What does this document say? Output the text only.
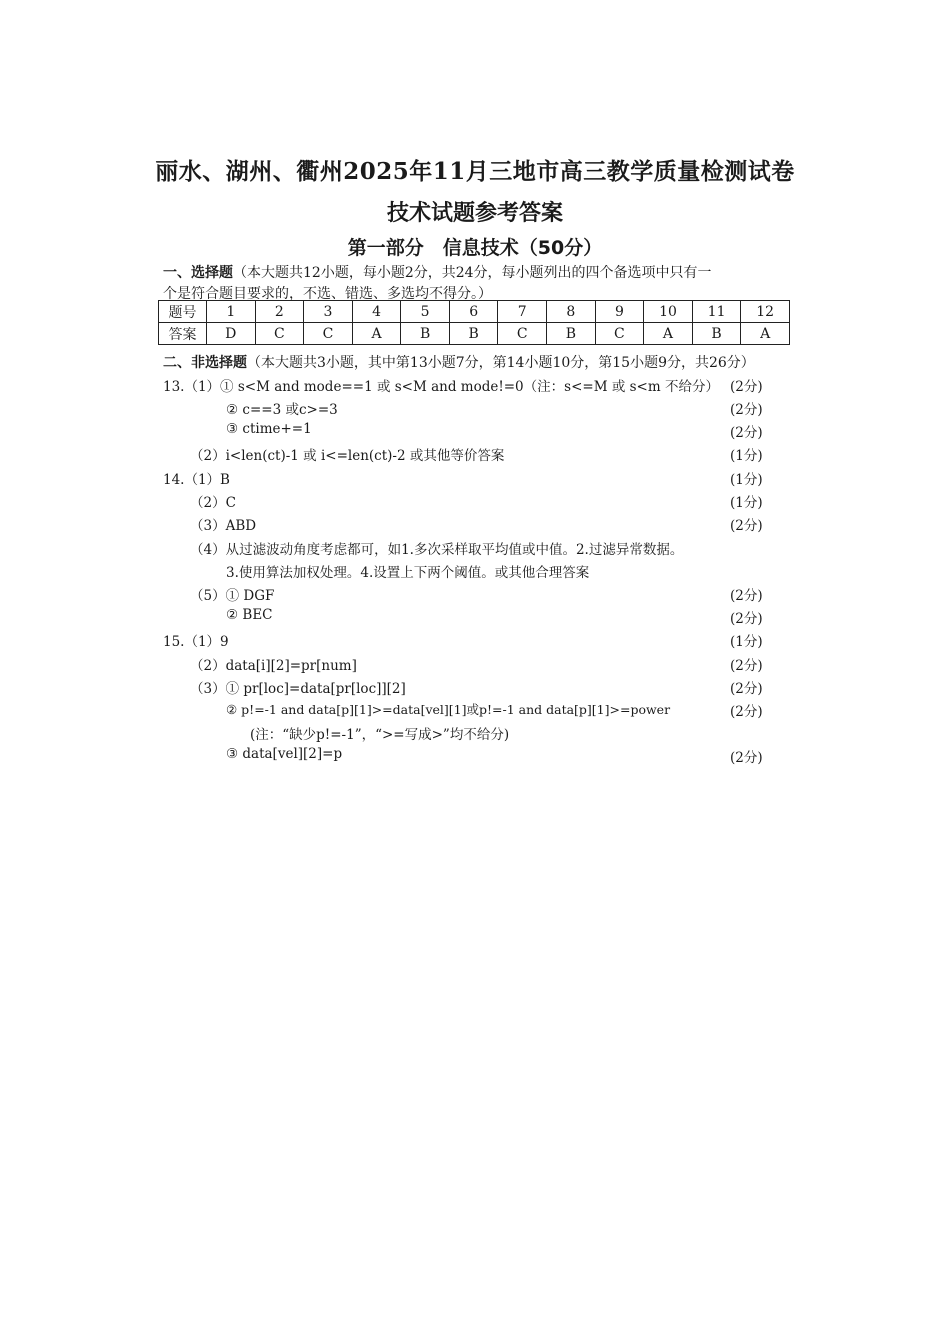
丽水、湖州、衢州2025年11月三地市高三教学质量检测试卷
技术试题参考答案
第一部分　信息技术（50分）
一、选择题（本大题共12小题，每小题2分，共24分，每小题列出的四个备选项中只有一
个是符合题目要求的，不选、错选、多选均不得分。）
题号	1	2	3	4	5	6	7	8	9	10	11	12
答案	D	C	C	A	B	B	C	B	C	A	B	A
二、非选择题（本大题共3小题，其中第13小题7分，第14小题10分，第15小题9分，共26分）
13.（1）① s<M and mode==1 或 s<M and mode!=0（注：s<=M 或 s<m 不给分） (2分)
② c==3 或c>=3	(2分)
③ ctime+=1	(2分)
（2）i<len(ct)-1 或 i<=len(ct)-2 或其他等价答案	(1分)
14.（1）B	(1分)
（2）C	(1分)
（3）ABD	(2分)
（4）从过滤波动角度考虑都可，如1.多次采样取平均值或中值。2.过滤异常数据。
3.使用算法加权处理。4.设置上下两个阈值。或其他合理答案
（5）① DGF	(2分)
② BEC	(2分)
15.（1）9	(1分)
（2）data[i][2]=pr[num]	(2分)
（3）① pr[loc]=data[pr[loc]][2]	(2分)
② p!=-1 and data[p][1]>=data[vel][1]或p!=-1 and data[p][1]>=power	(2分)
(注：“缺少p!=-1”，“>=写成>”均不给分)
③ data[vel][2]=p	(2分)
